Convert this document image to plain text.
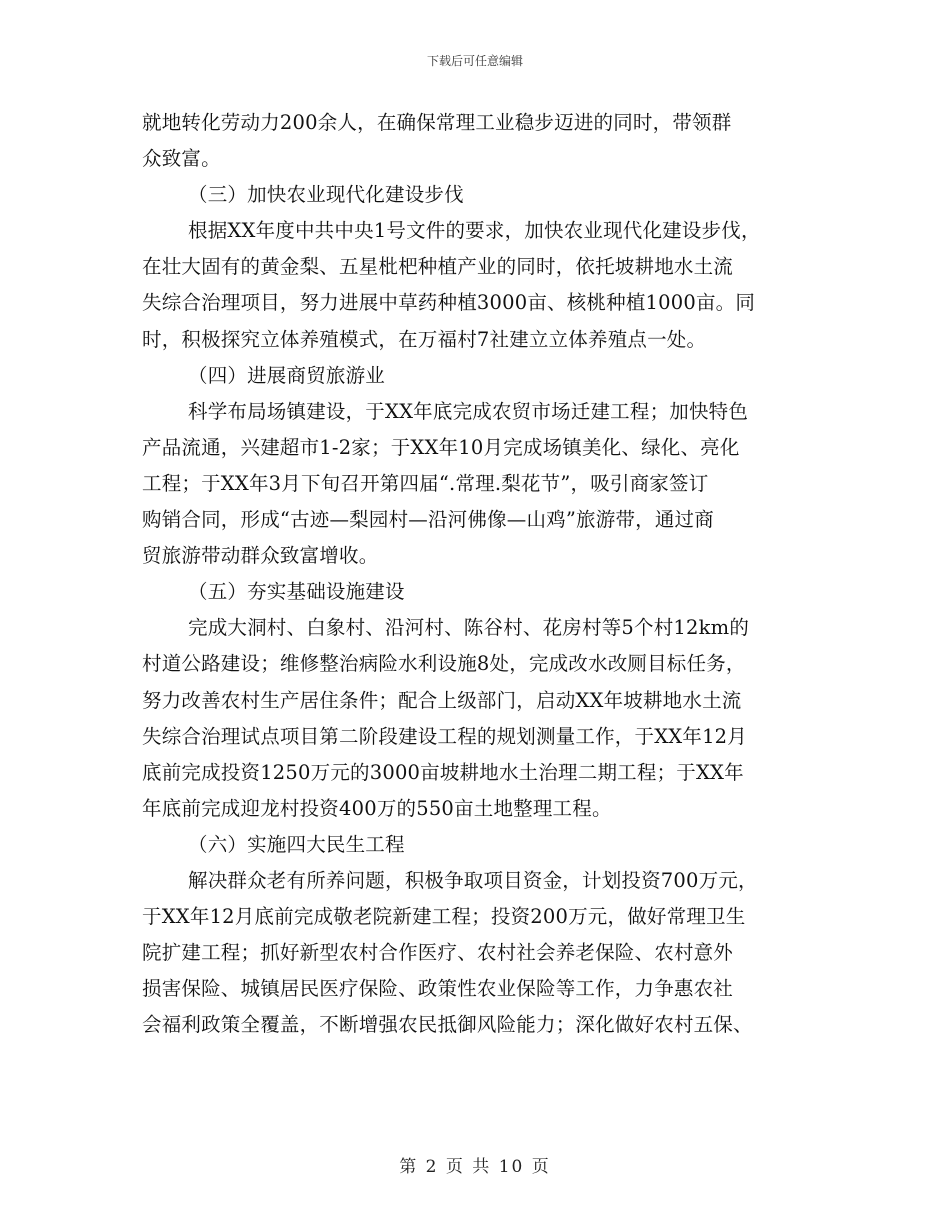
下载后可任意编辑
就地转化劳动力200余人，在确保常理工业稳步迈进的同时，带领群
众致富。
（三）加快农业现代化建设步伐
根据XX年度中共中央1号文件的要求，加快农业现代化建设步伐，
在壮大固有的黄金梨、五星枇杷种植产业的同时，依托坡耕地水土流
失综合治理项目，努力进展中草药种植3000亩、核桃种植1000亩。同
时，积极探究立体养殖模式，在万福村7社建立立体养殖点一处。
（四）进展商贸旅游业
科学布局场镇建设，于XX年底完成农贸市场迁建工程；加快特色
产品流通，兴建超市1-2家；于XX年10月完成场镇美化、绿化、亮化
工程；于XX年3月下旬召开第四届“.常理.梨花节”，吸引商家签订
购销合同，形成“古迹—梨园村—沿河佛像—山鸡”旅游带，通过商
贸旅游带动群众致富增收。
（五）夯实基础设施建设
完成大洞村、白象村、沿河村、陈谷村、花房村等5个村12km的
村道公路建设；维修整治病险水利设施8处，完成改水改厕目标任务，
努力改善农村生产居住条件；配合上级部门，启动XX年坡耕地水土流
失综合治理试点项目第二阶段建设工程的规划测量工作，于XX年12月
底前完成投资1250万元的3000亩坡耕地水土治理二期工程；于XX年
年底前完成迎龙村投资400万的550亩土地整理工程。
（六）实施四大民生工程
解决群众老有所养问题，积极争取项目资金，计划投资700万元，
于XX年12月底前完成敬老院新建工程；投资200万元，做好常理卫生
院扩建工程；抓好新型农村合作医疗、农村社会养老保险、农村意外
损害保险、城镇居民医疗保险、政策性农业保险等工作，力争惠农社
会福利政策全覆盖，不断增强农民抵御风险能力；深化做好农村五保、
第 2 页 共 10 页
